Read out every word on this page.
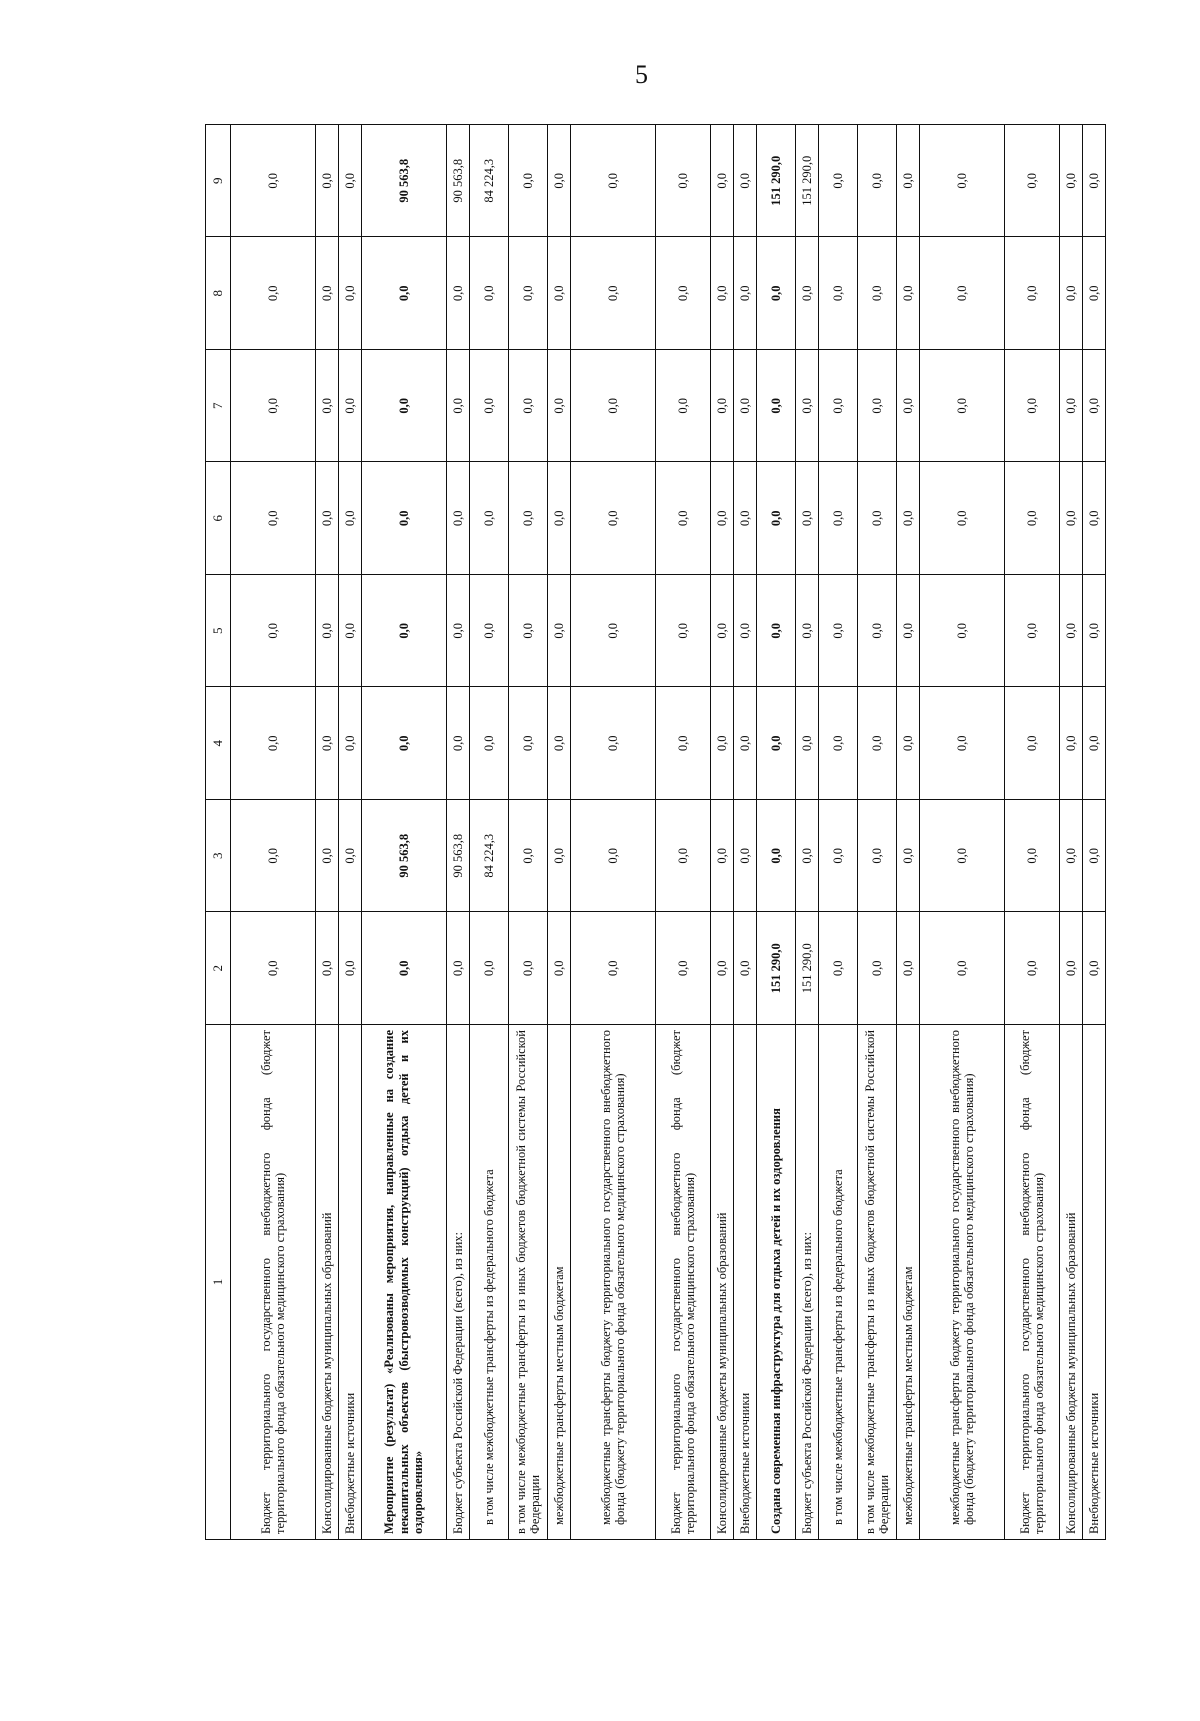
5
1	2	3	4	5	6	7	8	9
Бюджет территориального государственного внебюджетного фонда (бюджет территориального фонда обязательного медицинского страхования)	0,0	0,0	0,0	0,0	0,0	0,0	0,0	0,0
Консолидированные бюджеты муниципальных образований	0,0	0,0	0,0	0,0	0,0	0,0	0,0	0,0
Внебюджетные источники	0,0	0,0	0,0	0,0	0,0	0,0	0,0	0,0
Мероприятие (результат) «Реализованы мероприятия, направленные на создание некапитальных объектов (быстровозводимых конструкций) отдыха детей и их оздоровления»	0,0	90 563,8	0,0	0,0	0,0	0,0	0,0	90 563,8
Бюджет субъекта Российской Федерации (всего), из них:	0,0	90 563,8	0,0	0,0	0,0	0,0	0,0	90 563,8
в том числе межбюджетные трансферты из федерального бюджета	0,0	84 224,3	0,0	0,0	0,0	0,0	0,0	84 224,3
в том числе межбюджетные трансферты из иных бюджетов бюджетной системы Российской Федерации	0,0	0,0	0,0	0,0	0,0	0,0	0,0	0,0
межбюджетные трансферты местным бюджетам	0,0	0,0	0,0	0,0	0,0	0,0	0,0	0,0
межбюджетные трансферты бюджету территориального государственного внебюджетного фонда (бюджету территориального фонда обязательного медицинского страхования)	0,0	0,0	0,0	0,0	0,0	0,0	0,0	0,0
Бюджет территориального государственного внебюджетного фонда (бюджет территориального фонда обязательного медицинского страхования)	0,0	0,0	0,0	0,0	0,0	0,0	0,0	0,0
Консолидированные бюджеты муниципальных образований	0,0	0,0	0,0	0,0	0,0	0,0	0,0	0,0
Внебюджетные источники	0,0	0,0	0,0	0,0	0,0	0,0	0,0	0,0
Создана современная инфраструктура для отдыха детей и их оздоровления	151 290,0	0,0	0,0	0,0	0,0	0,0	0,0	151 290,0
Бюджет субъекта Российской Федерации (всего), из них:	151 290,0	0,0	0,0	0,0	0,0	0,0	0,0	151 290,0
в том числе межбюджетные трансферты из федерального бюджета	0,0	0,0	0,0	0,0	0,0	0,0	0,0	0,0
в том числе межбюджетные трансферты из иных бюджетов бюджетной системы Российской Федерации	0,0	0,0	0,0	0,0	0,0	0,0	0,0	0,0
межбюджетные трансферты местным бюджетам	0,0	0,0	0,0	0,0	0,0	0,0	0,0	0,0
межбюджетные трансферты бюджету территориального государственного внебюджетного фонда (бюджету территориального фонда обязательного медицинского страхования)	0,0	0,0	0,0	0,0	0,0	0,0	0,0	0,0
Бюджет территориального государственного внебюджетного фонда (бюджет территориального фонда обязательного медицинского страхования)	0,0	0,0	0,0	0,0	0,0	0,0	0,0	0,0
Консолидированные бюджеты муниципальных образований	0,0	0,0	0,0	0,0	0,0	0,0	0,0	0,0
Внебюджетные источники	0,0	0,0	0,0	0,0	0,0	0,0	0,0	0,0
